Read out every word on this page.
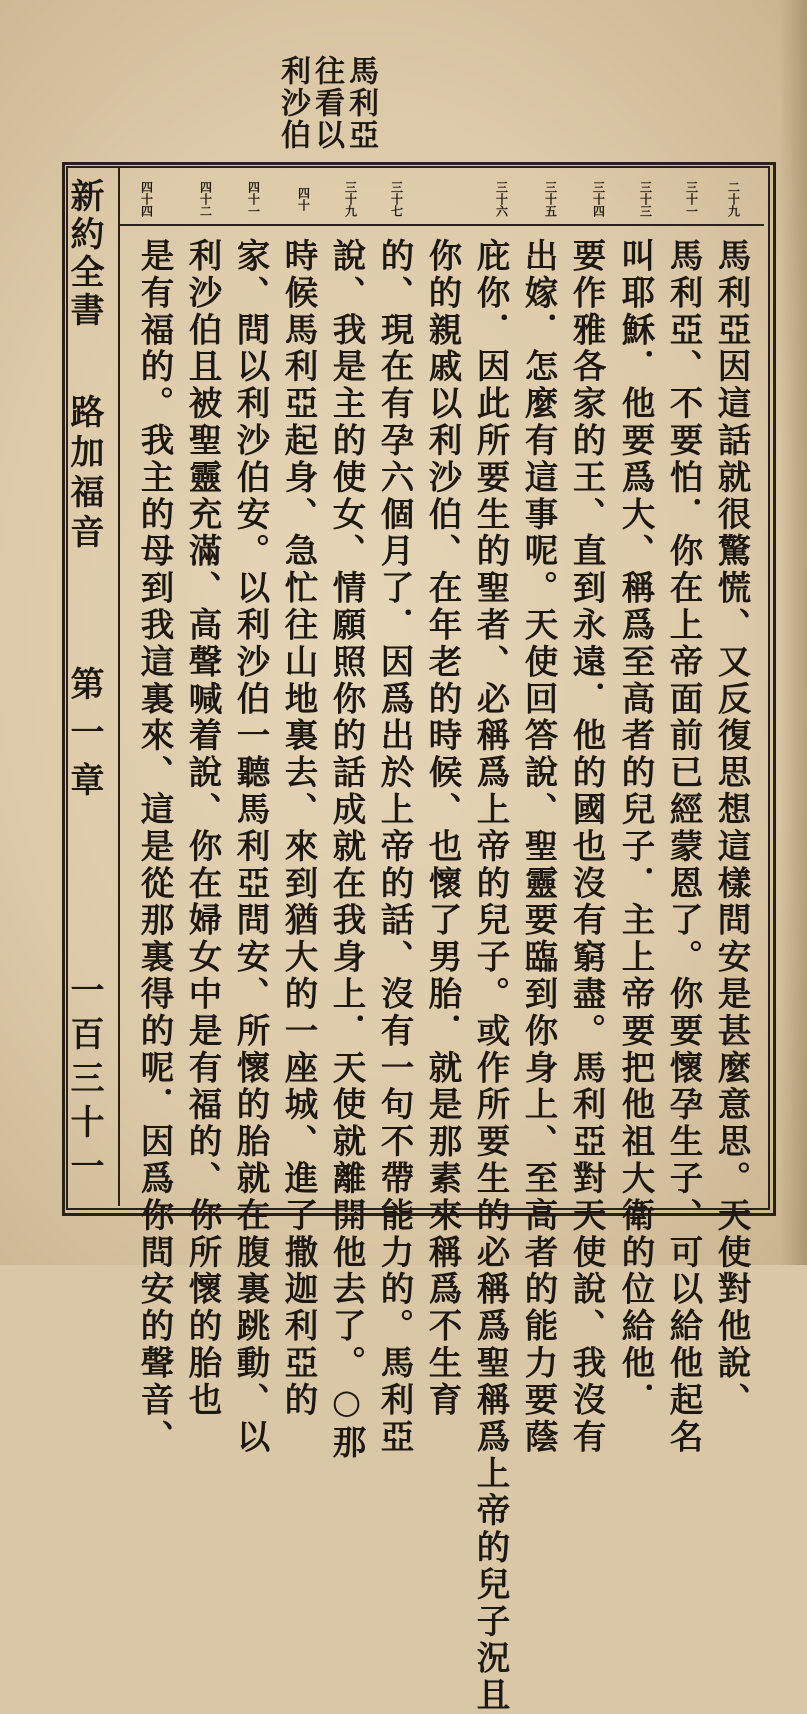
馬利亞
往看以
利沙伯
新約全書
路加福音
第一章
一百三十一
二十九
三十一
三十三
三十四
三十五
三十六
三十七
三十九
四十
四十一
四十二
四十四
馬利亞因這話就很驚慌、又反復思想這樣問安是甚麼意思。天使對他說、
馬利亞、不要怕．你在上帝面前已經蒙恩了。你要懷孕生子、可以給他起名
叫耶穌．他要爲大、稱爲至高者的兒子．主上帝要把他祖大衛的位給他．
要作雅各家的王、直到永遠．他的國也沒有窮盡。馬利亞對天使說、我沒有
出嫁．怎麼有這事呢。天使回答說、聖靈要臨到你身上、至高者的能力要蔭
庇你．因此所要生的聖者、必稱爲上帝的兒子。或作所要生的必稱爲聖稱爲上帝的兒子況且
你的親戚以利沙伯、在年老的時候、也懷了男胎．就是那素來稱爲不生育
的、現在有孕六個月了．因爲出於上帝的話、沒有一句不帶能力的。馬利亞
說、我是主的使女、情願照你的話成就在我身上．天使就離開他去了。○那
時候馬利亞起身、急忙往山地裏去、來到猶大的一座城、進了撒迦利亞的
家、問以利沙伯安。以利沙伯一聽馬利亞問安、所懷的胎就在腹裏跳動、以
利沙伯且被聖靈充滿、高聲喊着說、你在婦女中是有福的、你所懷的胎也
是有福的。我主的母到我這裏來、這是從那裏得的呢．因爲你問安的聲音、
